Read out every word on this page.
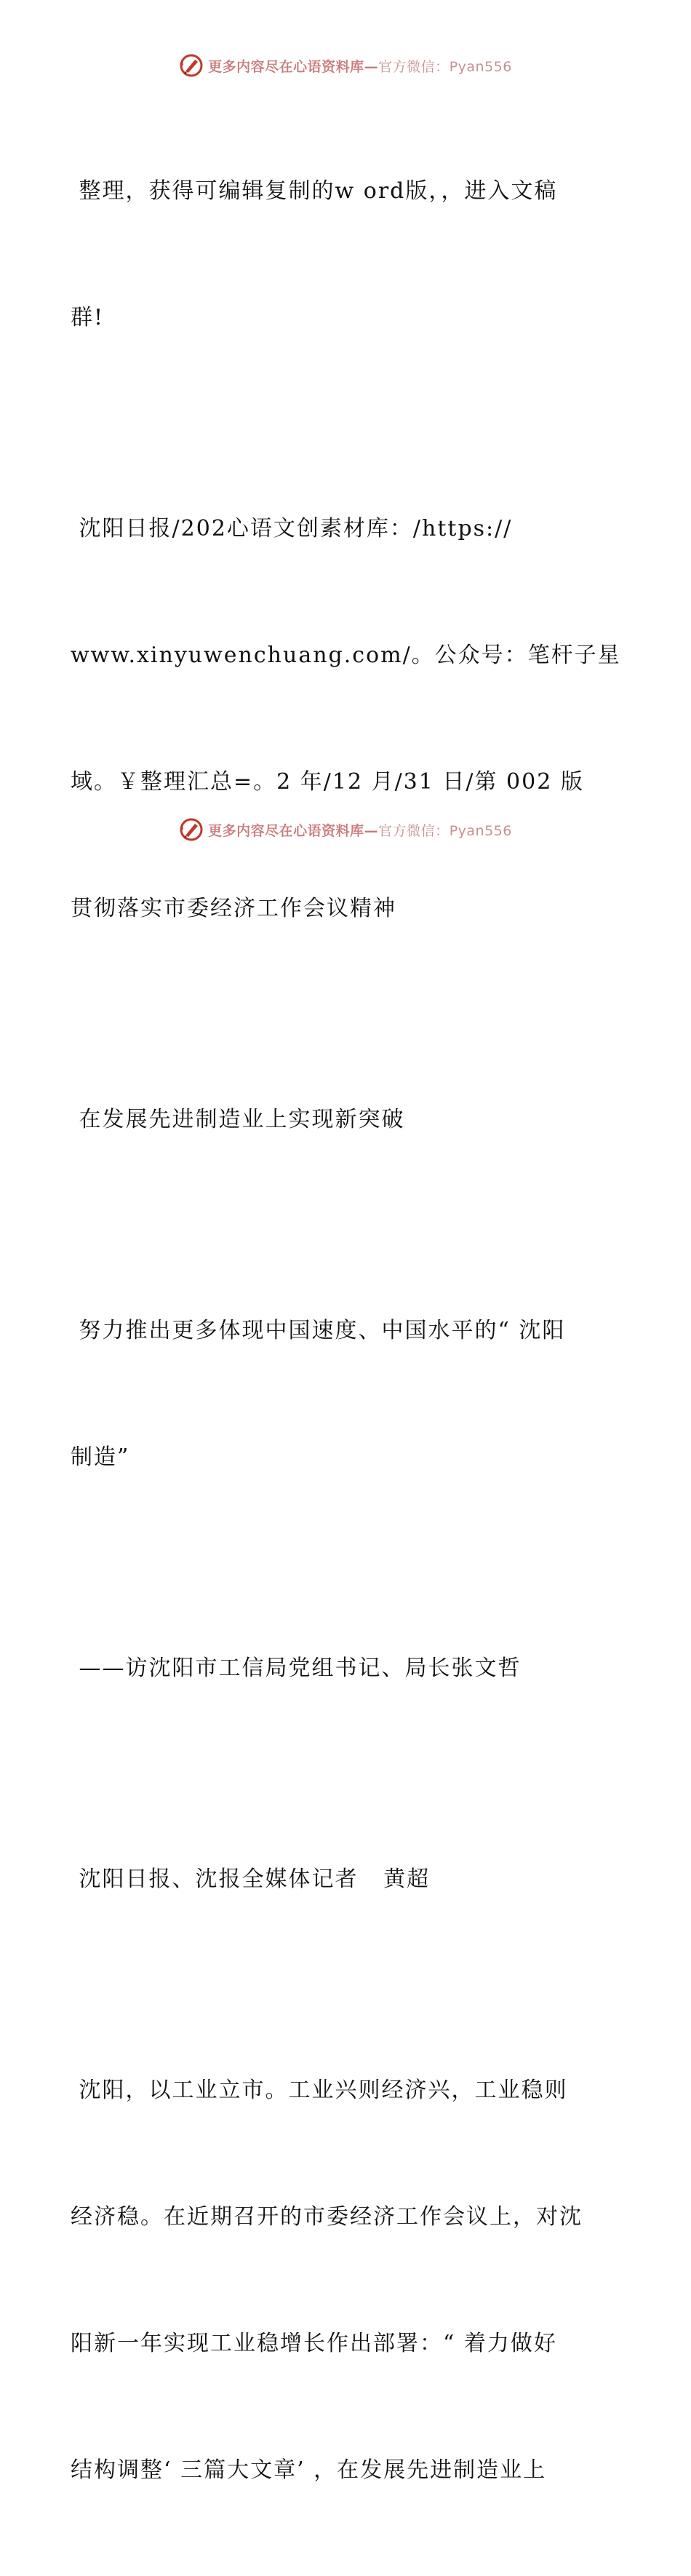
更多内容尽在心语资料库—官方微信：Pyan556

整理，获得可编辑复制的w ord版，，进入文稿

群!

沈阳日报/202心语文创素材库：/https://

www.xinyuwenchuang.com/。公众号：笔杆子星

域。￥整理汇总=。2 年/12 月/31 日/第 002 版

贯彻落实市委经济工作会议精神

在发展先进制造业上实现新突破

努力推出更多体现中国速度、中国水平的“ 沈阳

制造”

——访沈阳市工信局党组书记、局长张文哲

沈阳日报、沈报全媒体记者   黄超

沈阳，以工业立市。工业兴则经济兴，工业稳则

经济稳。在近期召开的市委经济工作会议上，对沈

阳新一年实现工业稳增长作出部署：“ 着力做好

结构调整‘ 三篇大文章’ ，在发展先进制造业上

更多内容尽在心语资料库—官方微信：Pyan556
